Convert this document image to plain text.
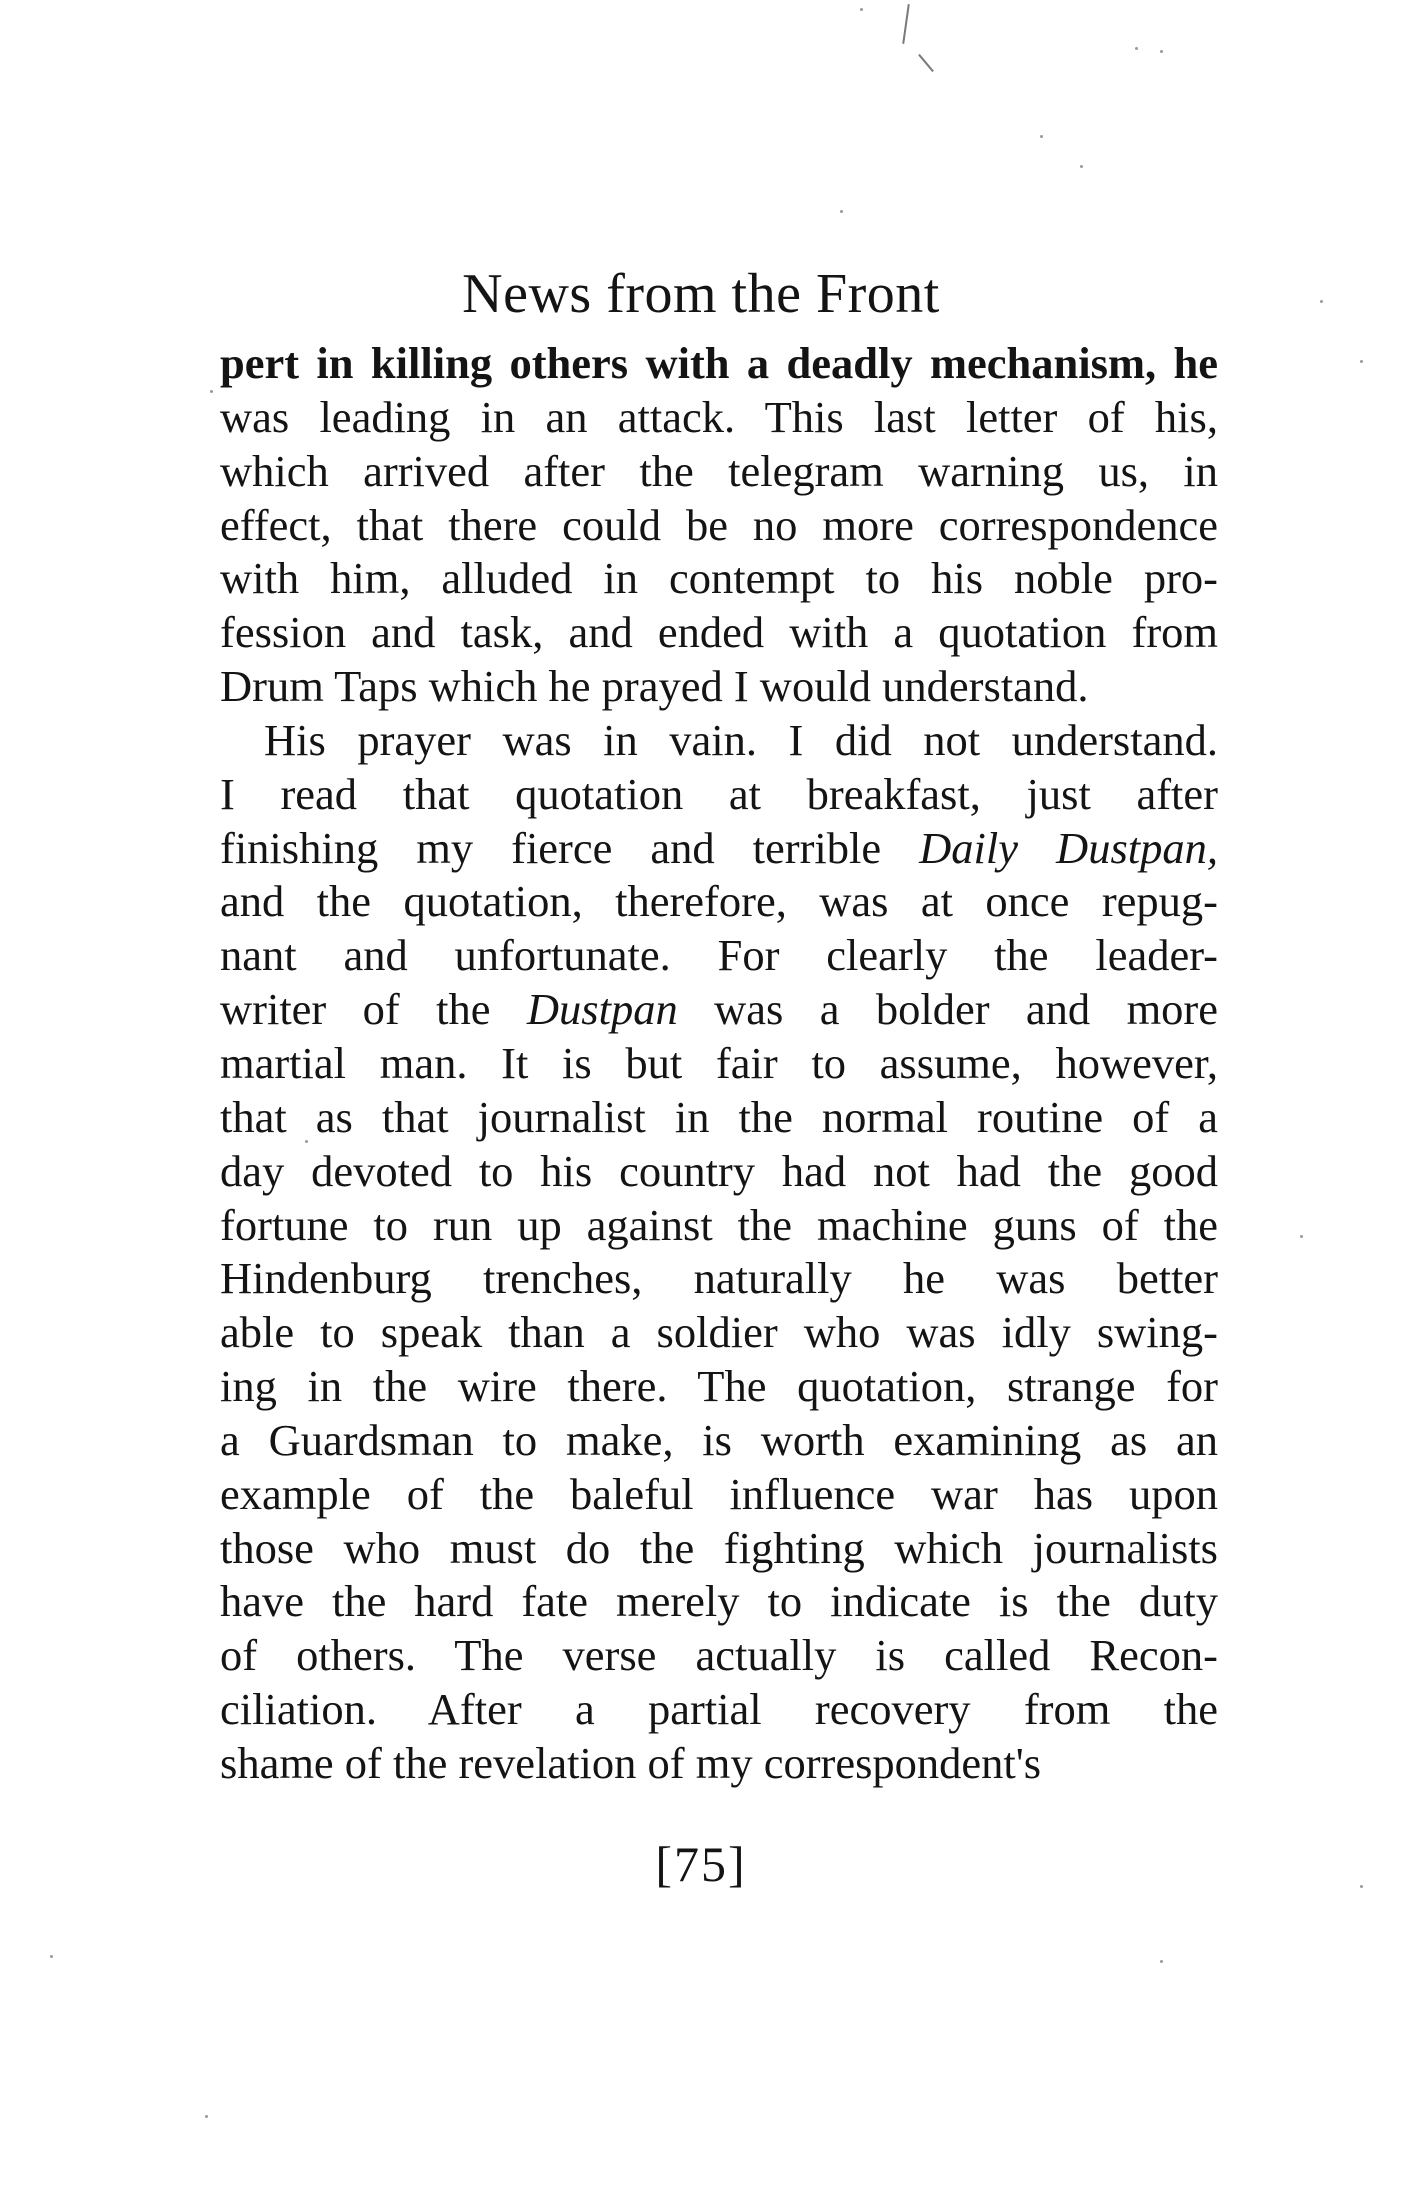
News from the Front
pert in killing others with a deadly mechanism, he
was leading in an attack. This last letter of his,
which arrived after the telegram warning us, in
effect, that there could be no more correspondence
with him, alluded in contempt to his noble pro-
fession and task, and ended with a quotation from
Drum Taps which he prayed I would understand.
His prayer was in vain. I did not understand.
I read that quotation at breakfast, just after
finishing my fierce and terrible Daily Dustpan,
and the quotation, therefore, was at once repug-
nant and unfortunate. For clearly the leader-
writer of the Dustpan was a bolder and more
martial man. It is but fair to assume, however,
that as that journalist in the normal routine of a
day devoted to his country had not had the good
fortune to run up against the machine guns of the
Hindenburg trenches, naturally he was better
able to speak than a soldier who was idly swing-
ing in the wire there. The quotation, strange for
a Guardsman to make, is worth examining as an
example of the baleful influence war has upon
those who must do the fighting which journalists
have the hard fate merely to indicate is the duty
of others. The verse actually is called Recon-
ciliation. After a partial recovery from the
shame of the revelation of my correspondent's
[75]
